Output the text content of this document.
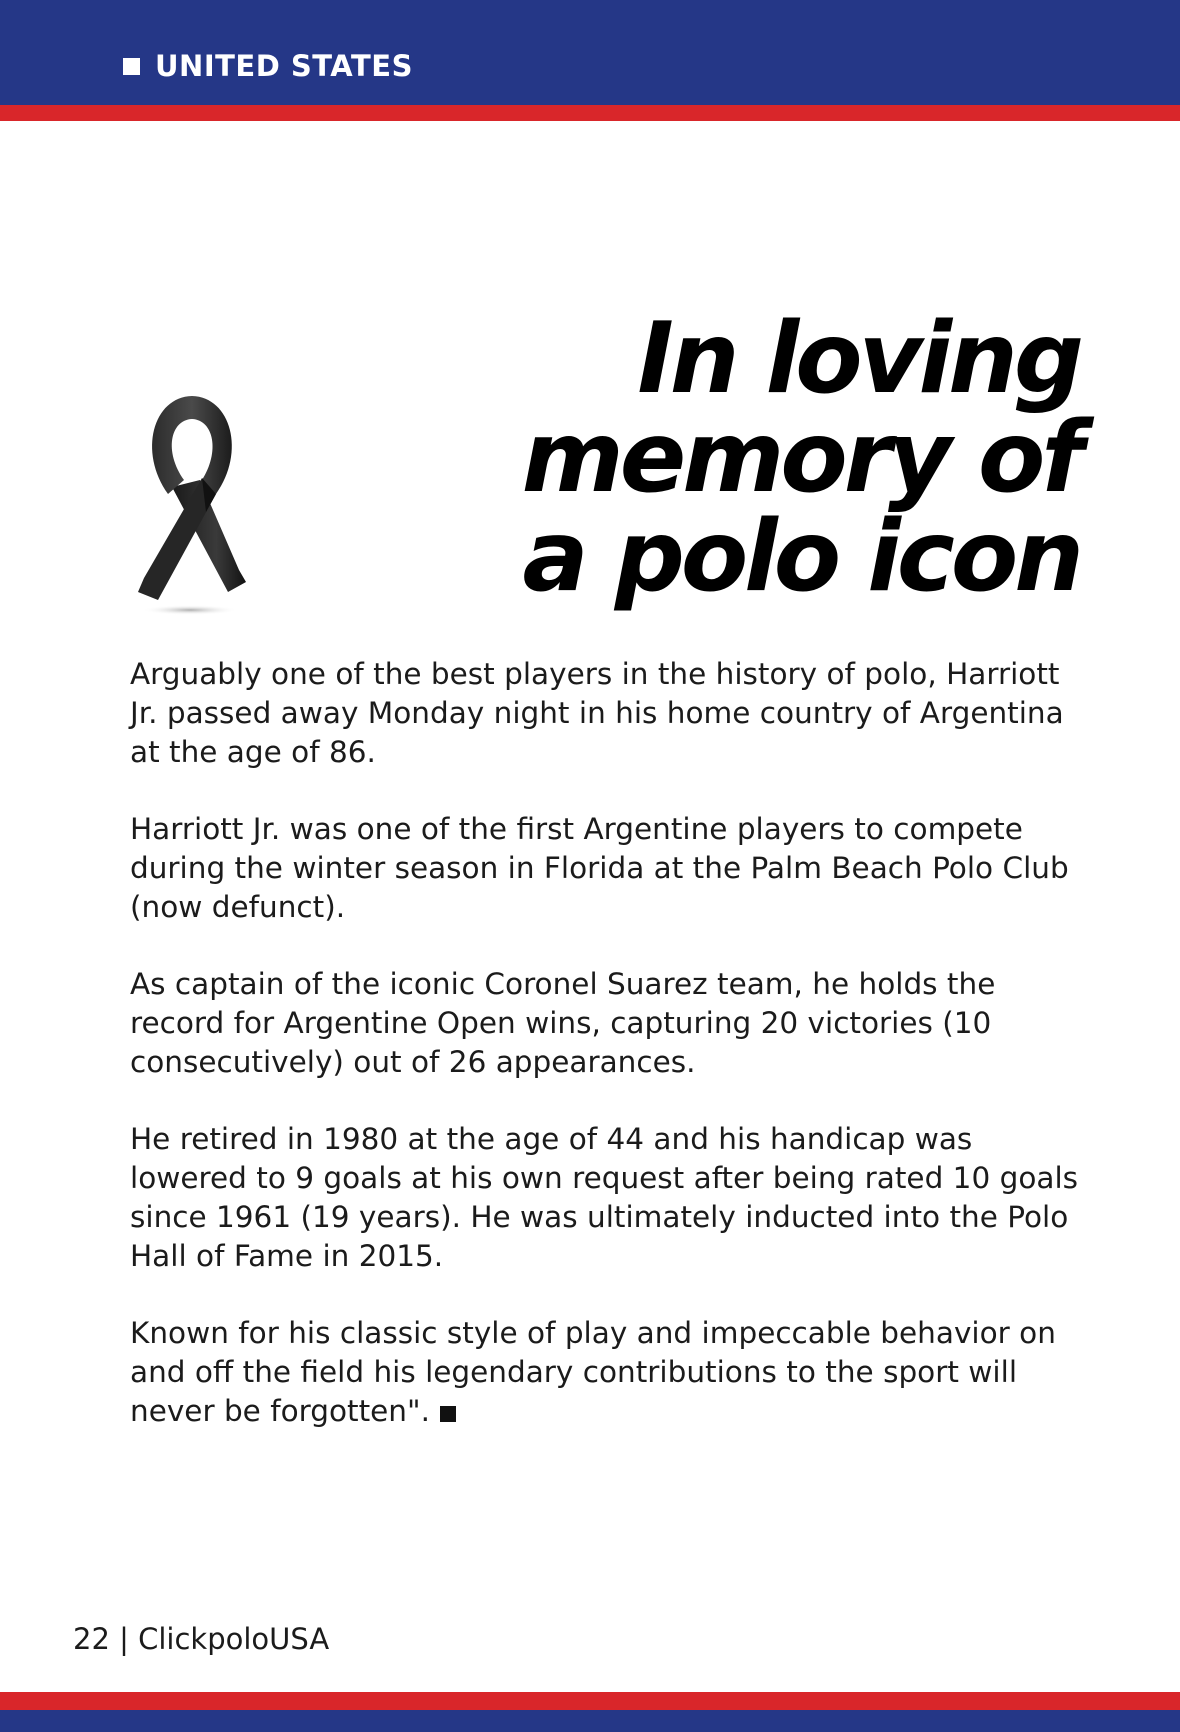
UNITED STATES
In loving
memory of
a polo icon

Arguably one of the best players in the history of polo, Harriott Jr. passed away Monday night in his home country of Argentina at the age of 86.

Harriott Jr. was one of the first Argentine players to compete during the winter season in Florida at the Palm Beach Polo Club (now defunct).

As captain of the iconic Coronel Suarez team, he holds the record for Argentine Open wins, capturing 20 victories (10 consecutively) out of 26 appearances.

He retired in 1980 at the age of 44 and his handicap was lowered to 9 goals at his own request after being rated 10 goals since 1961 (19 years). He was ultimately inducted into the Polo Hall of Fame in 2015.

Known for his classic style of play and impeccable behavior on and off the field his legendary contributions to the sport will never be forgotten".

22 | ClickpoloUSA
